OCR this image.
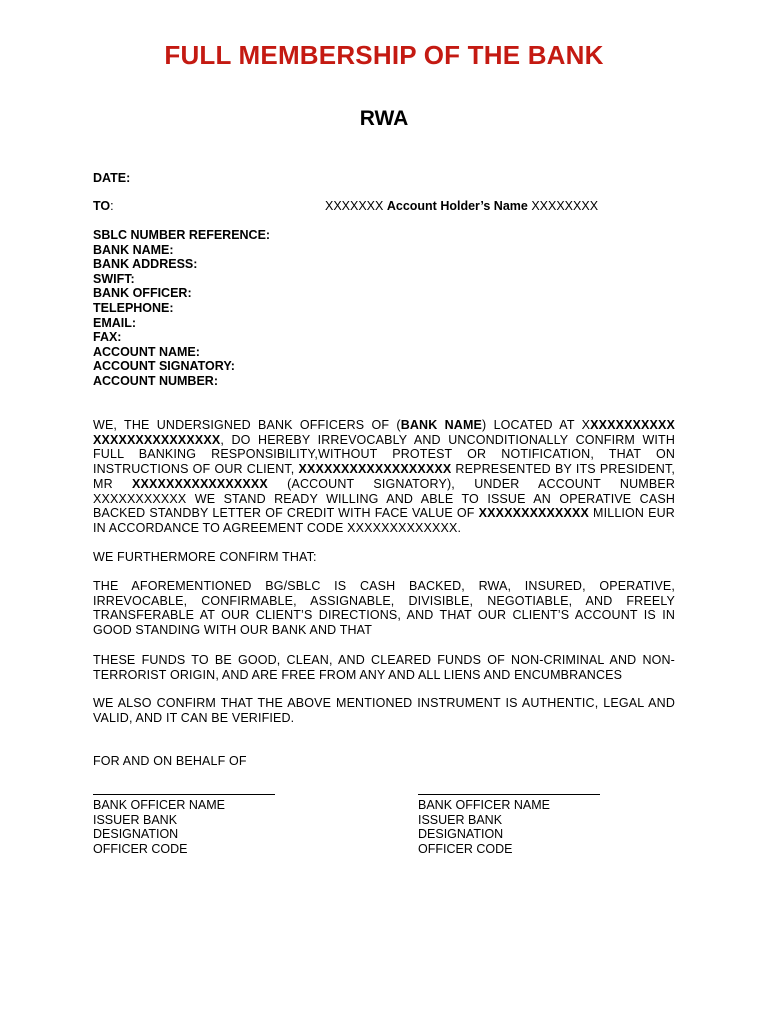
FULL MEMBERSHIP OF THE BANK
RWA
DATE:
TO:	XXXXXXX Account Holder’s Name XXXXXXXX
SBLC NUMBER REFERENCE:
BANK NAME:
BANK ADDRESS:
SWIFT:
BANK OFFICER:
TELEPHONE:
EMAIL:
FAX:
ACCOUNT NAME:
ACCOUNT SIGNATORY:
ACCOUNT NUMBER:
WE, THE UNDERSIGNED BANK OFFICERS OF (BANK NAME) LOCATED AT XXXXXXXXXXX XXXXXXXXXXXXXXX, DO HEREBY IRREVOCABLY AND UNCONDITIONALLY CONFIRM WITH FULL BANKING RESPONSIBILITY,WITHOUT PROTEST OR NOTIFICATION, THAT ON INSTRUCTIONS OF OUR CLIENT, XXXXXXXXXXXXXXXXXX REPRESENTED BY ITS PRESIDENT, MR XXXXXXXXXXXXXXXX (ACCOUNT SIGNATORY), UNDER ACCOUNT NUMBER XXXXXXXXXXX WE STAND READY WILLING AND ABLE TO ISSUE AN OPERATIVE CASH BACKED STANDBY LETTER OF CREDIT WITH FACE VALUE OF XXXXXXXXXXXXX MILLION EUR IN ACCORDANCE TO AGREEMENT CODE XXXXXXXXXXXXX.
WE FURTHERMORE CONFIRM THAT:
THE AFOREMENTIONED BG/SBLC IS CASH BACKED, RWA, INSURED, OPERATIVE, IRREVOCABLE, CONFIRMABLE, ASSIGNABLE, DIVISIBLE, NEGOTIABLE, AND FREELY TRANSFERABLE AT OUR CLIENT’S DIRECTIONS, AND THAT OUR CLIENT’S ACCOUNT IS IN GOOD STANDING WITH OUR BANK AND THAT
THESE FUNDS TO BE GOOD, CLEAN, AND CLEARED FUNDS OF NON-CRIMINAL AND NON-TERRORIST ORIGIN, AND ARE FREE FROM ANY AND ALL LIENS AND ENCUMBRANCES
WE ALSO CONFIRM THAT THE ABOVE MENTIONED INSTRUMENT IS AUTHENTIC, LEGAL AND VALID, AND IT CAN BE VERIFIED.
FOR AND ON BEHALF OF
BANK OFFICER NAME
ISSUER BANK
DESIGNATION
OFFICER CODE
BANK OFFICER NAME
ISSUER BANK
DESIGNATION
OFFICER CODE
